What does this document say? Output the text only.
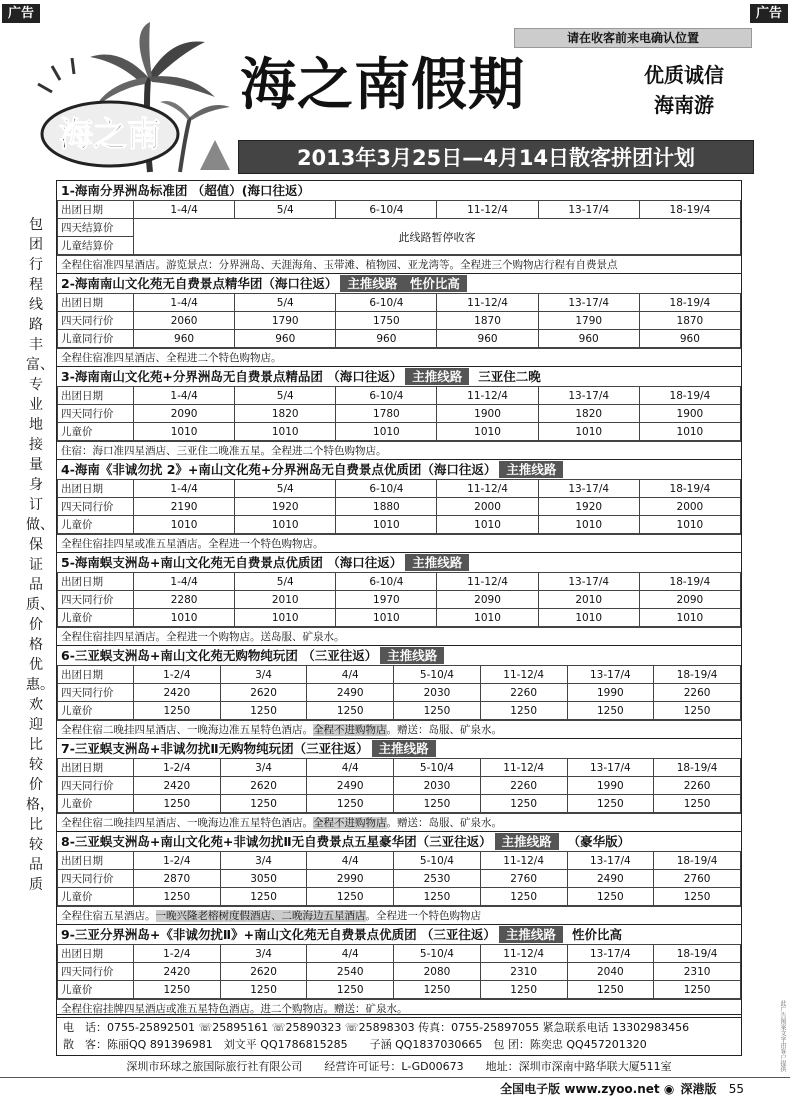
广告	广告
请在收客前来电确认位置
海之南
海之南假期	优质诚信
海南游
2013年3月25日—4月14日散客拼团计划
包团行程线路丰富、专业地接量身订做、保证品质、价格优惠。欢迎比较价格，比较品质
1-海南分界洲岛标准团 （超值）(海口往返）
出团日期	1-4/4	5/4	6-10/4	11-12/4	13-17/4	18-19/4
四天结算价	此线路暂停收客					
儿童结算价						
全程住宿准四星酒店。游览景点：分界洲岛、天涯海角、玉带滩、植物园、亚龙湾等。全程进三个购物店行程有自费景点
2-海南南山文化苑无自费景点精华团（海口往返） 主推线路　性价比高
出团日期	1-4/4	5/4	6-10/4	11-12/4	13-17/4	18-19/4
四天同行价	2060	1790	1750	1870	1790	1870
儿童同行价	960	960	960	960	960	960
全程住宿准四星酒店、全程进二个特色购物店。
3-海南南山文化苑+分界洲岛无自费景点精品团 （海口往返） 主推线路 三亚住二晚
出团日期	1-4/4	5/4	6-10/4	11-12/4	13-17/4	18-19/4
四天同行价	2090	1820	1780	1900	1820	1900
儿童价	1010	1010	1010	1010	1010	1010
住宿：海口准四星酒店、三亚住二晚准五星。全程进二个特色购物店。
4-海南《非诚勿扰 2》+南山文化苑+分界洲岛无自费景点优质团（海口往返） 主推线路
出团日期	1-4/4	5/4	6-10/4	11-12/4	13-17/4	18-19/4
四天同行价	2190	1920	1880	2000	1920	2000
儿童价	1010	1010	1010	1010	1010	1010
全程住宿挂四星或准五星酒店。全程进一个特色购物店。
5-海南蜈支洲岛+南山文化苑无自费景点优质团 （海口往返） 主推线路
出团日期	1-4/4	5/4	6-10/4	11-12/4	13-17/4	18-19/4
四天同行价	2280	2010	1970	2090	2010	2090
儿童价	1010	1010	1010	1010	1010	1010
全程住宿挂四星酒店。全程进一个购物店。送岛服、矿泉水。
6-三亚蜈支洲岛+南山文化苑无购物纯玩团 （三亚往返） 主推线路
出团日期	1-2/4	3/4	4/4	5-10/4	11-12/4	13-17/4	18-19/4
四天同行价	2420	2620	2490	2030	2260	1990	2260
儿童价	1250	1250	1250	1250	1250	1250	1250
全程住宿二晚挂四星酒店、一晚海边准五星特色酒店。全程不进购物店。赠送：岛服、矿泉水。
7-三亚蜈支洲岛+非诚勿扰Ⅱ无购物纯玩团（三亚往返） 主推线路
出团日期	1-2/4	3/4	4/4	5-10/4	11-12/4	13-17/4	18-19/4
四天同行价	2420	2620	2490	2030	2260	1990	2260
儿童价	1250	1250	1250	1250	1250	1250	1250
全程住宿二晚挂四星酒店、一晚海边准五星特色酒店。全程不进购物店。赠送：岛服、矿泉水。
8-三亚蜈支洲岛+南山文化苑+非诚勿扰Ⅱ无自费景点五星豪华团（三亚往返） 主推线路 （豪华版）
出团日期	1-2/4	3/4	4/4	5-10/4	11-12/4	13-17/4	18-19/4
四天同行价	2870	3050	2990	2530	2760	2490	2760
儿童价	1250	1250	1250	1250	1250	1250	1250
全程住宿五星酒店。一晚兴隆老榕树度假酒店、二晚海边五星酒店。全程进一个特色购物店
9-三亚分界洲岛+《非诚勿扰Ⅱ》+南山文化苑无自费景点优质团 （三亚往返） 主推线路 性价比高
出团日期	1-2/4	3/4	4/4	5-10/4	11-12/4	13-17/4	18-19/4
四天同行价	2420	2620	2540	2080	2310	2040	2310
儿童价	1250	1250	1250	1250	1250	1250	1250
全程住宿挂牌四星酒店或准五星特色酒店。进二个购物店。赠送：矿泉水。
电　话：0755-25892501 ☏25895161 ☏25890323 ☏25898303 传真：0755-25897055 紧急联系电话 13302983456
散　客：陈丽QQ 891396981　刘文平 QQ1786815285　　子涵 QQ1837030665　包 团：陈奕忠 QQ457201320
深圳市环球之旅国际旅行社有限公司　　经营许可证号：L-GD00673　　地址：深圳市深南中路华联大厦511室
全国电子版 www.zyoo.net ◉ 深港版 55
此广告图案文字由客户提供
